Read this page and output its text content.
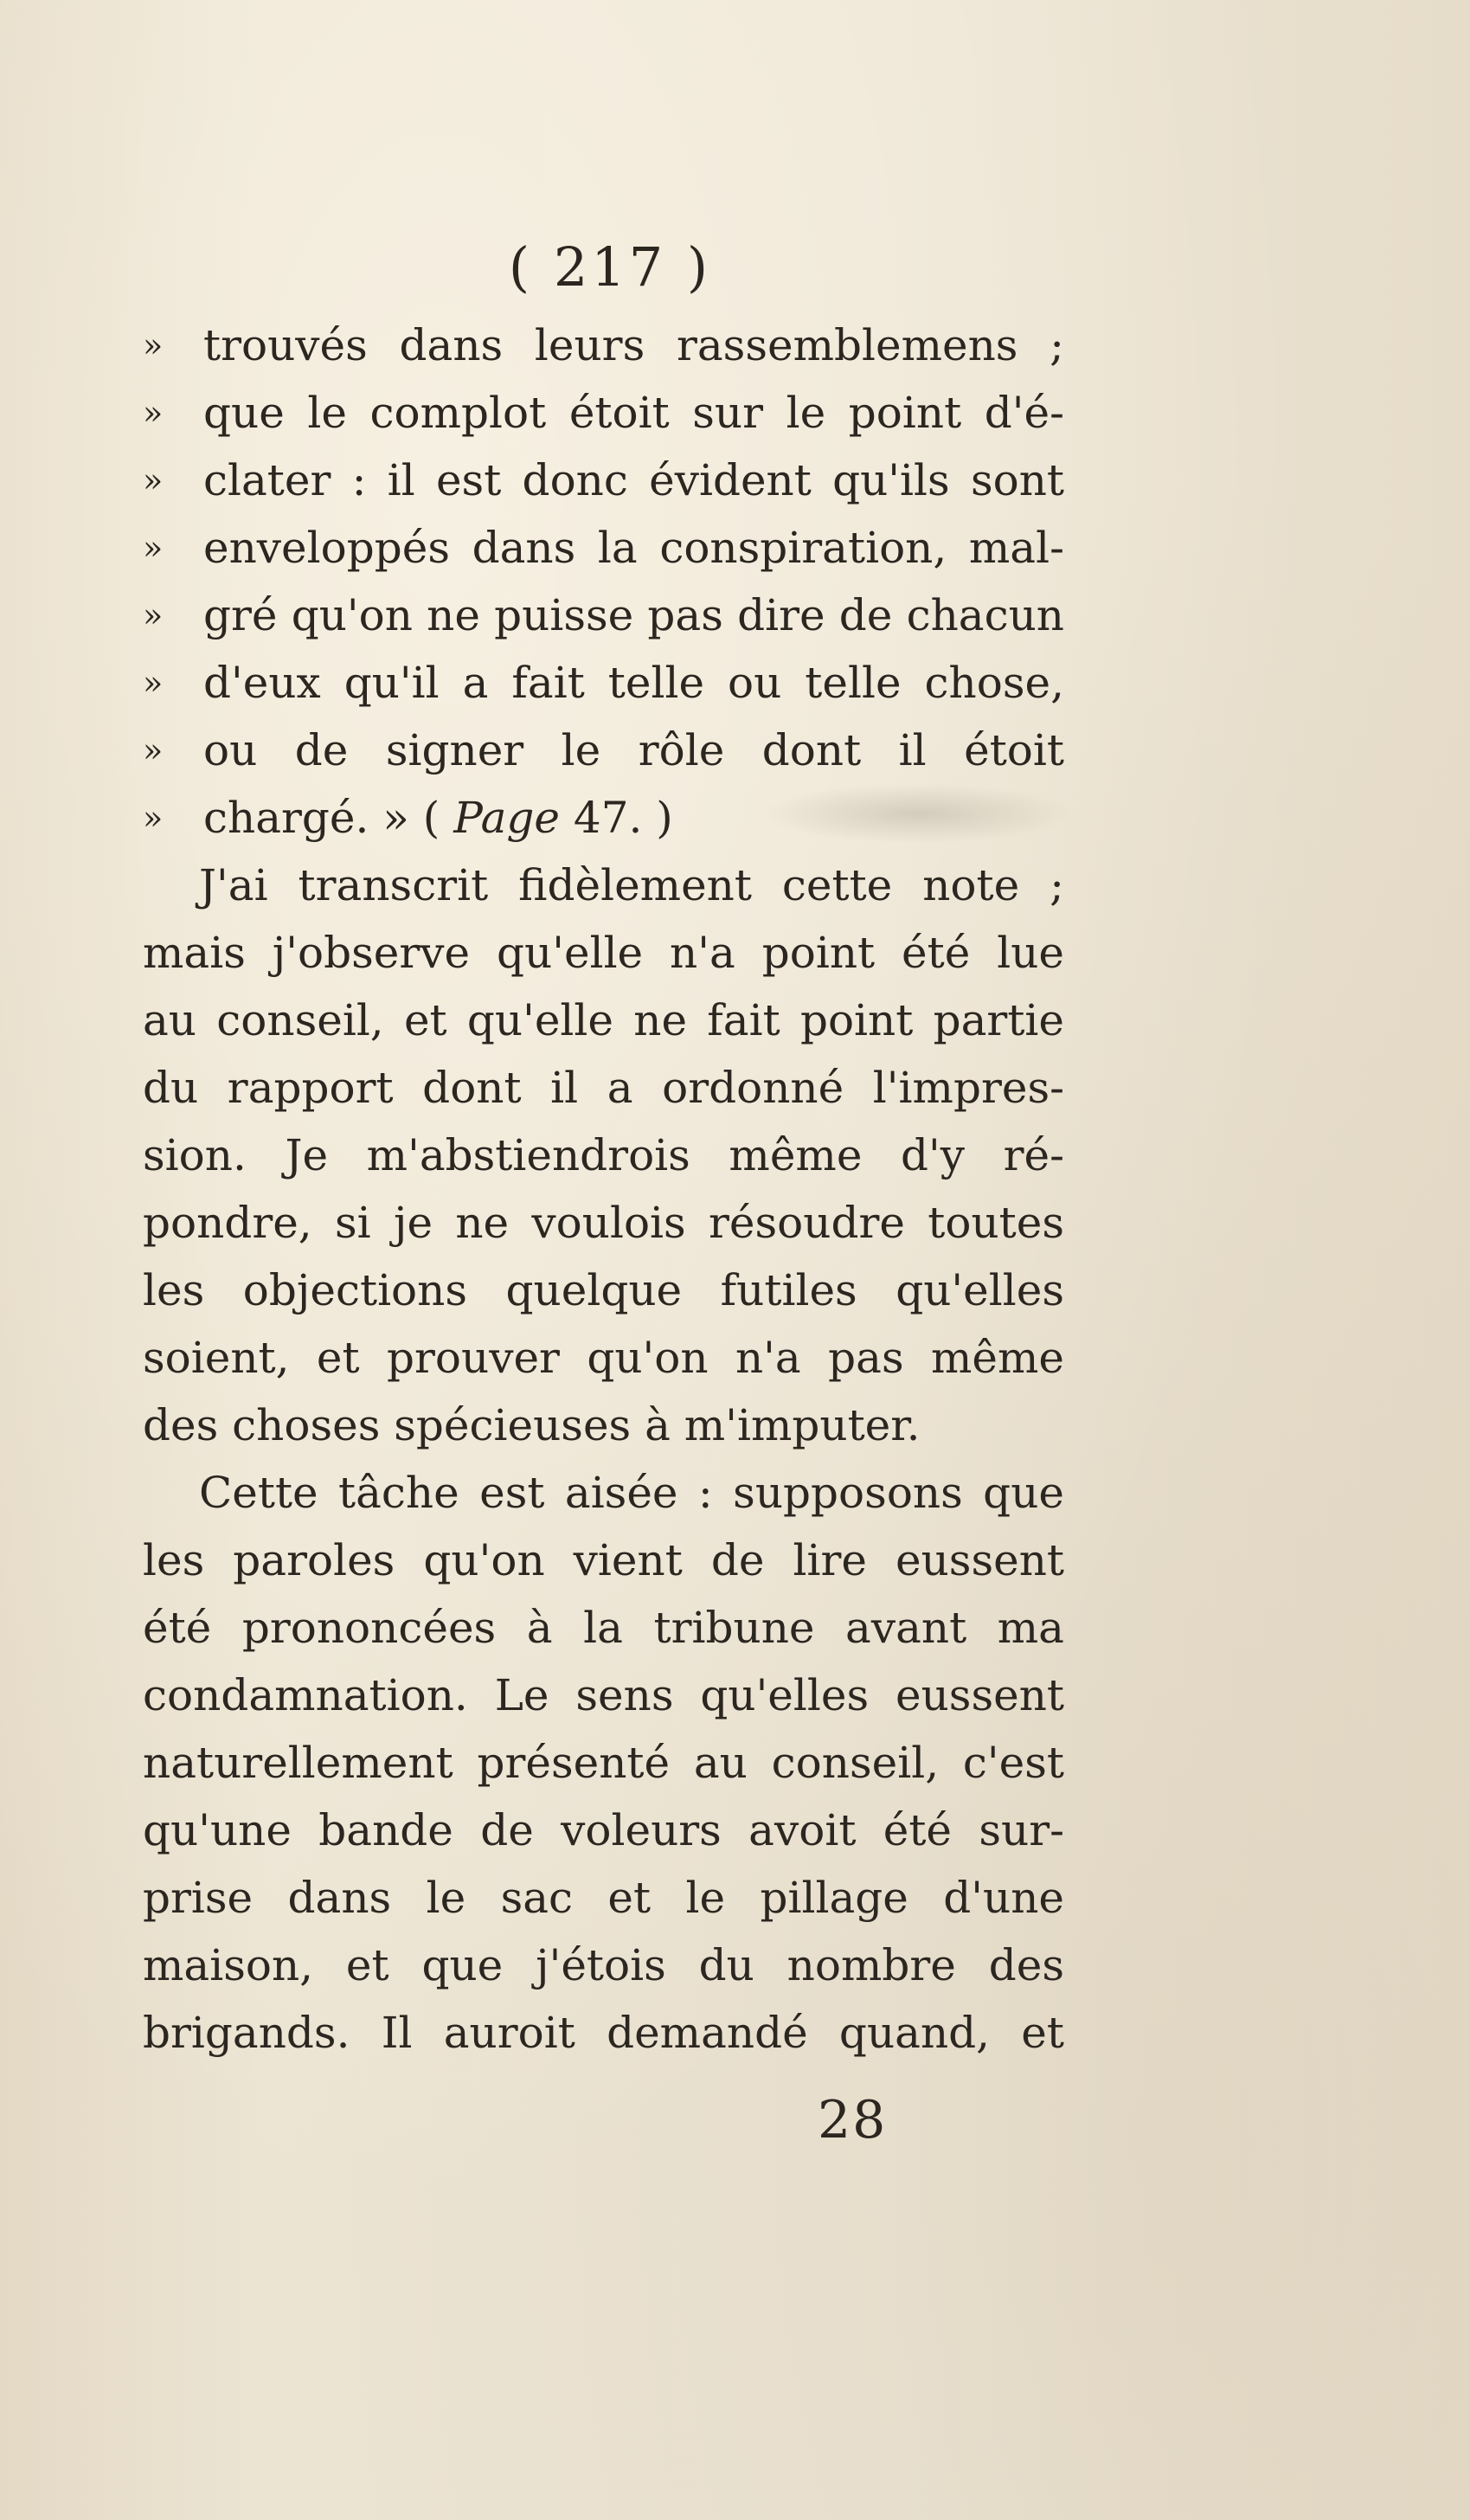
( 217 )
» trouvés dans leurs rassemblemens ;
» que le complot étoit sur le point d'é-
» clater : il est donc évident qu'ils sont
» enveloppés dans la conspiration, mal-
» gré qu'on ne puisse pas dire de chacun
» d'eux qu'il a fait telle ou telle chose,
» ou de signer le rôle dont il étoit
» chargé. » ( Page 47. )
J'ai transcrit fidèlement cette note ;
mais j'observe qu'elle n'a point été lue
au conseil, et qu'elle ne fait point partie
du rapport dont il a ordonné l'impres-
sion. Je m'abstiendrois même d'y ré-
pondre, si je ne voulois résoudre toutes
les objections quelque futiles qu'elles
soient, et prouver qu'on n'a pas même
des choses spécieuses à m'imputer.
Cette tâche est aisée : supposons que
les paroles qu'on vient de lire eussent
été prononcées à la tribune avant ma
condamnation. Le sens qu'elles eussent
naturellement présenté au conseil, c'est
qu'une bande de voleurs avoit été sur-
prise dans le sac et le pillage d'une
maison, et que j'étois du nombre des
brigands. Il auroit demandé quand, et
28
